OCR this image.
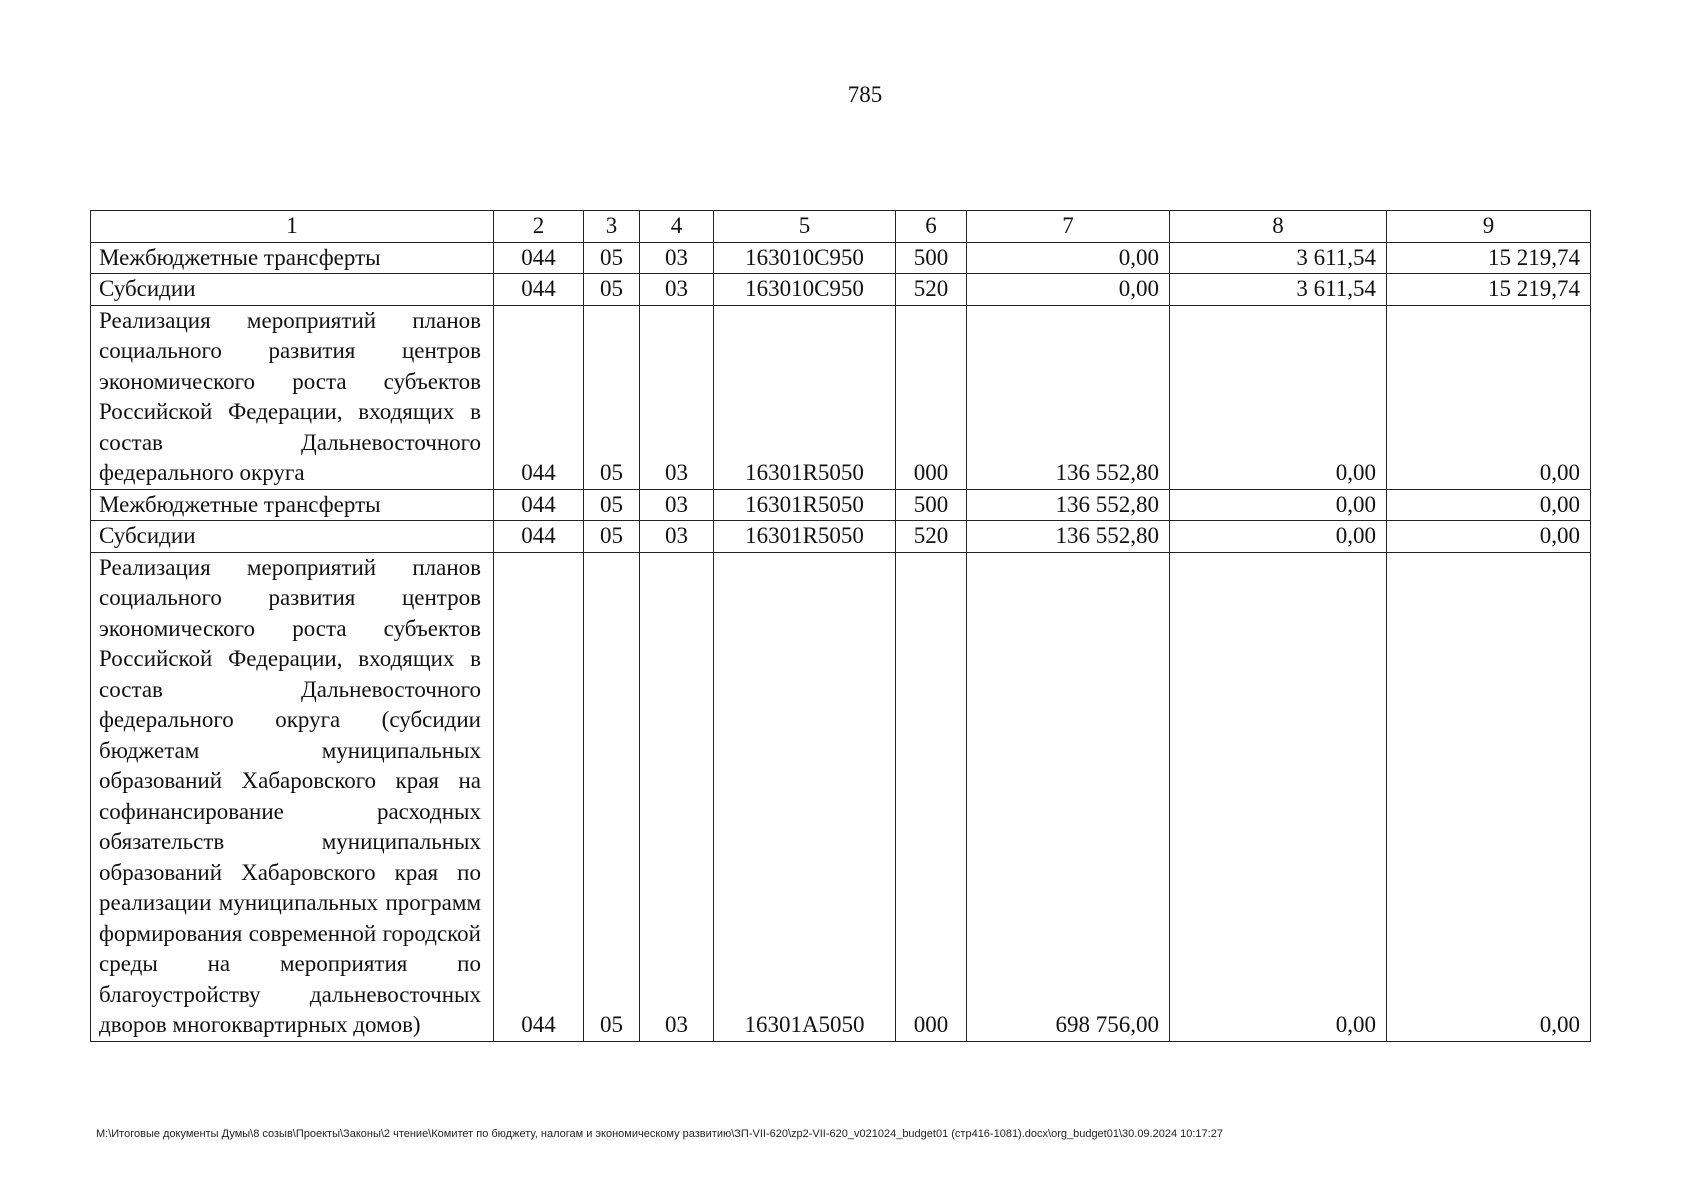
785
1	2	3	4	5	6	7	8	9
Межбюджетные трансферты	044	05	03	163010C950	500	0,00	3 611,54	15 219,74
Субсидии	044	05	03	163010C950	520	0,00	3 611,54	15 219,74
Реализация мероприятий планов социального развития центров экономического роста субъектов Российской Федерации, входящих в состав Дальневосточного федерального округа	044	05	03	16301R5050	000	136 552,80	0,00	0,00
Межбюджетные трансферты	044	05	03	16301R5050	500	136 552,80	0,00	0,00
Субсидии	044	05	03	16301R5050	520	136 552,80	0,00	0,00
Реализация мероприятий планов социального развития центров экономического роста субъектов Российской Федерации, входящих в состав Дальневосточного федерального округа (субсидии бюджетам муниципальных образований Хабаровского края на софинансирование расходных обязательств муниципальных образований Хабаровского края по реализации муниципальных программ формирования современной городской среды на мероприятия по благоустройству дальневосточных дворов многоквартирных домов)	044	05	03	16301A5050	000	698 756,00	0,00	0,00
M:\Итоговые документы Думы\8 созыв\Проекты\Законы\2 чтение\Комитет по бюджету, налогам и экономическому развитию\ЗП-VII-620\zp2-VII-620_v021024_budget01 (стр416-1081).docx\org_budget01\30.09.2024 10:17:27
